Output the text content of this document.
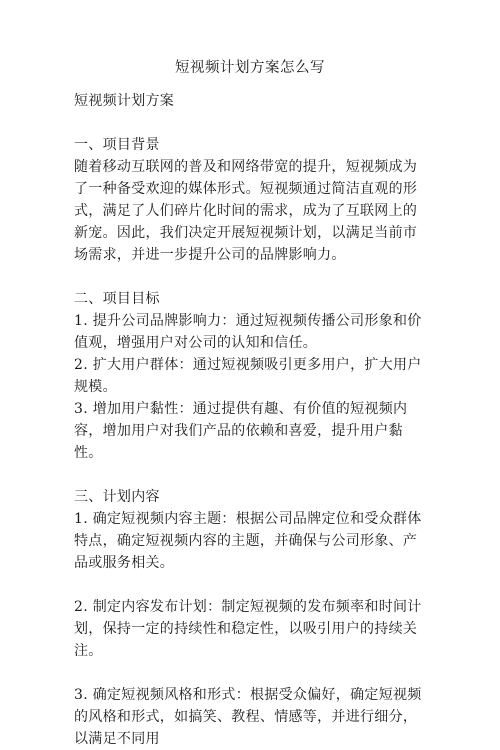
短视频计划方案怎么写

短视频计划方案

一、项目背景

随着移动互联网的普及和网络带宽的提升，短视频成为了一种备受欢迎的媒体形式。短视频通过简洁直观的形式，满足了人们碎片化时间的需求，成为了互联网上的新宠。因此，我们决定开展短视频计划，以满足当前市场需求，并进一步提升公司的品牌影响力。

二、项目目标

1. 提升公司品牌影响力：通过短视频传播公司形象和价值观，增强用户对公司的认知和信任。

2. 扩大用户群体：通过短视频吸引更多用户，扩大用户规模。

3. 增加用户黏性：通过提供有趣、有价值的短视频内容，增加用户对我们产品的依赖和喜爱，提升用户黏性。

三、计划内容

1. 确定短视频内容主题：根据公司品牌定位和受众群体特点，确定短视频内容的主题，并确保与公司形象、产品或服务相关。

2. 制定内容发布计划：制定短视频的发布频率和时间计划，保持一定的持续性和稳定性，以吸引用户的持续关注。

3. 确定短视频风格和形式：根据受众偏好，确定短视频的风格和形式，如搞笑、教程、情感等，并进行细分，以满足不同用
